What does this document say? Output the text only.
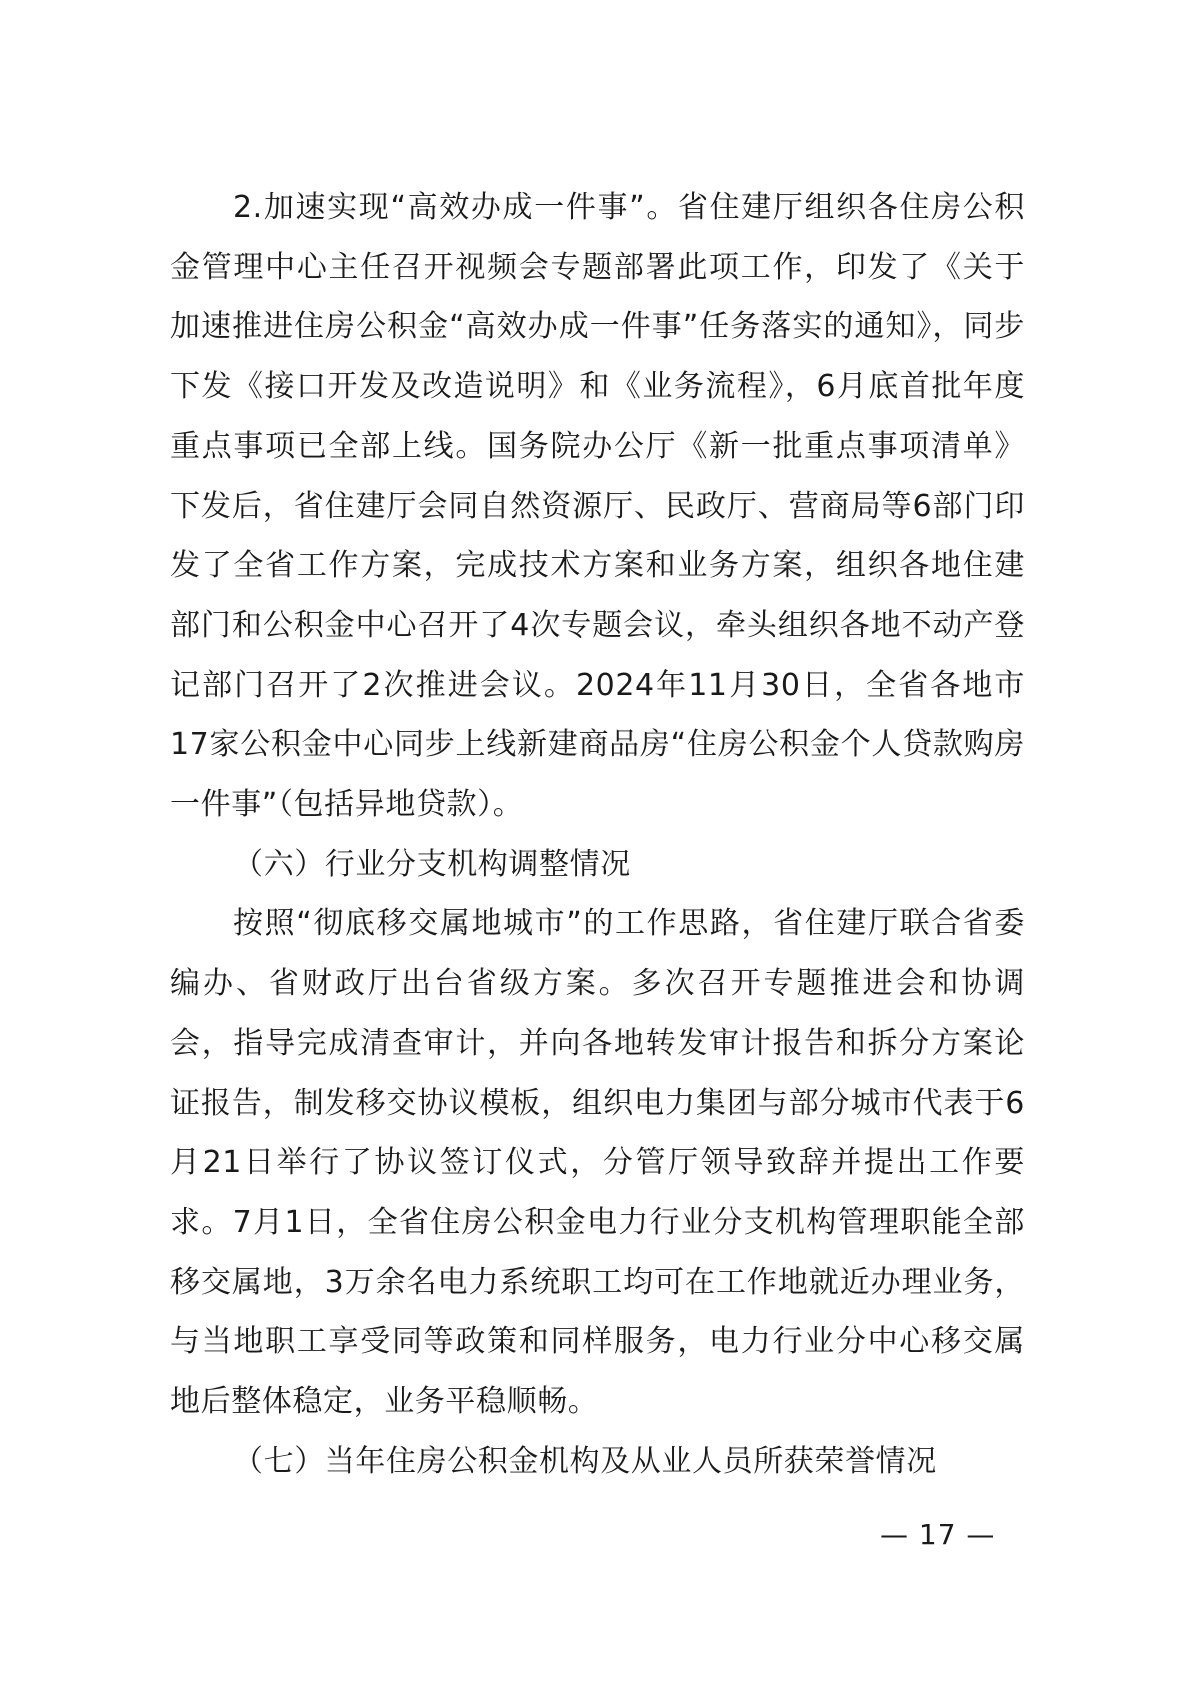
2.加速实现“高效办成一件事”。省住建厅组织各住房公积金管理中心主任召开视频会专题部署此项工作，印发了《关于加速推进住房公积金“高效办成一件事”任务落实的通知》，同步下发《接口开发及改造说明》和《业务流程》，6月底首批年度重点事项已全部上线。国务院办公厅《新一批重点事项清单》下发后，省住建厅会同自然资源厅、民政厅、营商局等6部门印发了全省工作方案，完成技术方案和业务方案，组织各地住建部门和公积金中心召开了4次专题会议，牵头组织各地不动产登记部门召开了2次推进会议。2024年11月30日，全省各地市17家公积金中心同步上线新建商品房“住房公积金个人贷款购房一件事”（包括异地贷款）。

（六）行业分支机构调整情况

按照“彻底移交属地城市”的工作思路，省住建厅联合省委编办、省财政厅出台省级方案。多次召开专题推进会和协调会，指导完成清查审计，并向各地转发审计报告和拆分方案论证报告，制发移交协议模板，组织电力集团与部分城市代表于6月21日举行了协议签订仪式，分管厅领导致辞并提出工作要求。7月1日，全省住房公积金电力行业分支机构管理职能全部移交属地，3万余名电力系统职工均可在工作地就近办理业务，与当地职工享受同等政策和同样服务，电力行业分中心移交属地后整体稳定，业务平稳顺畅。

（七）当年住房公积金机构及从业人员所获荣誉情况

— 17 —
